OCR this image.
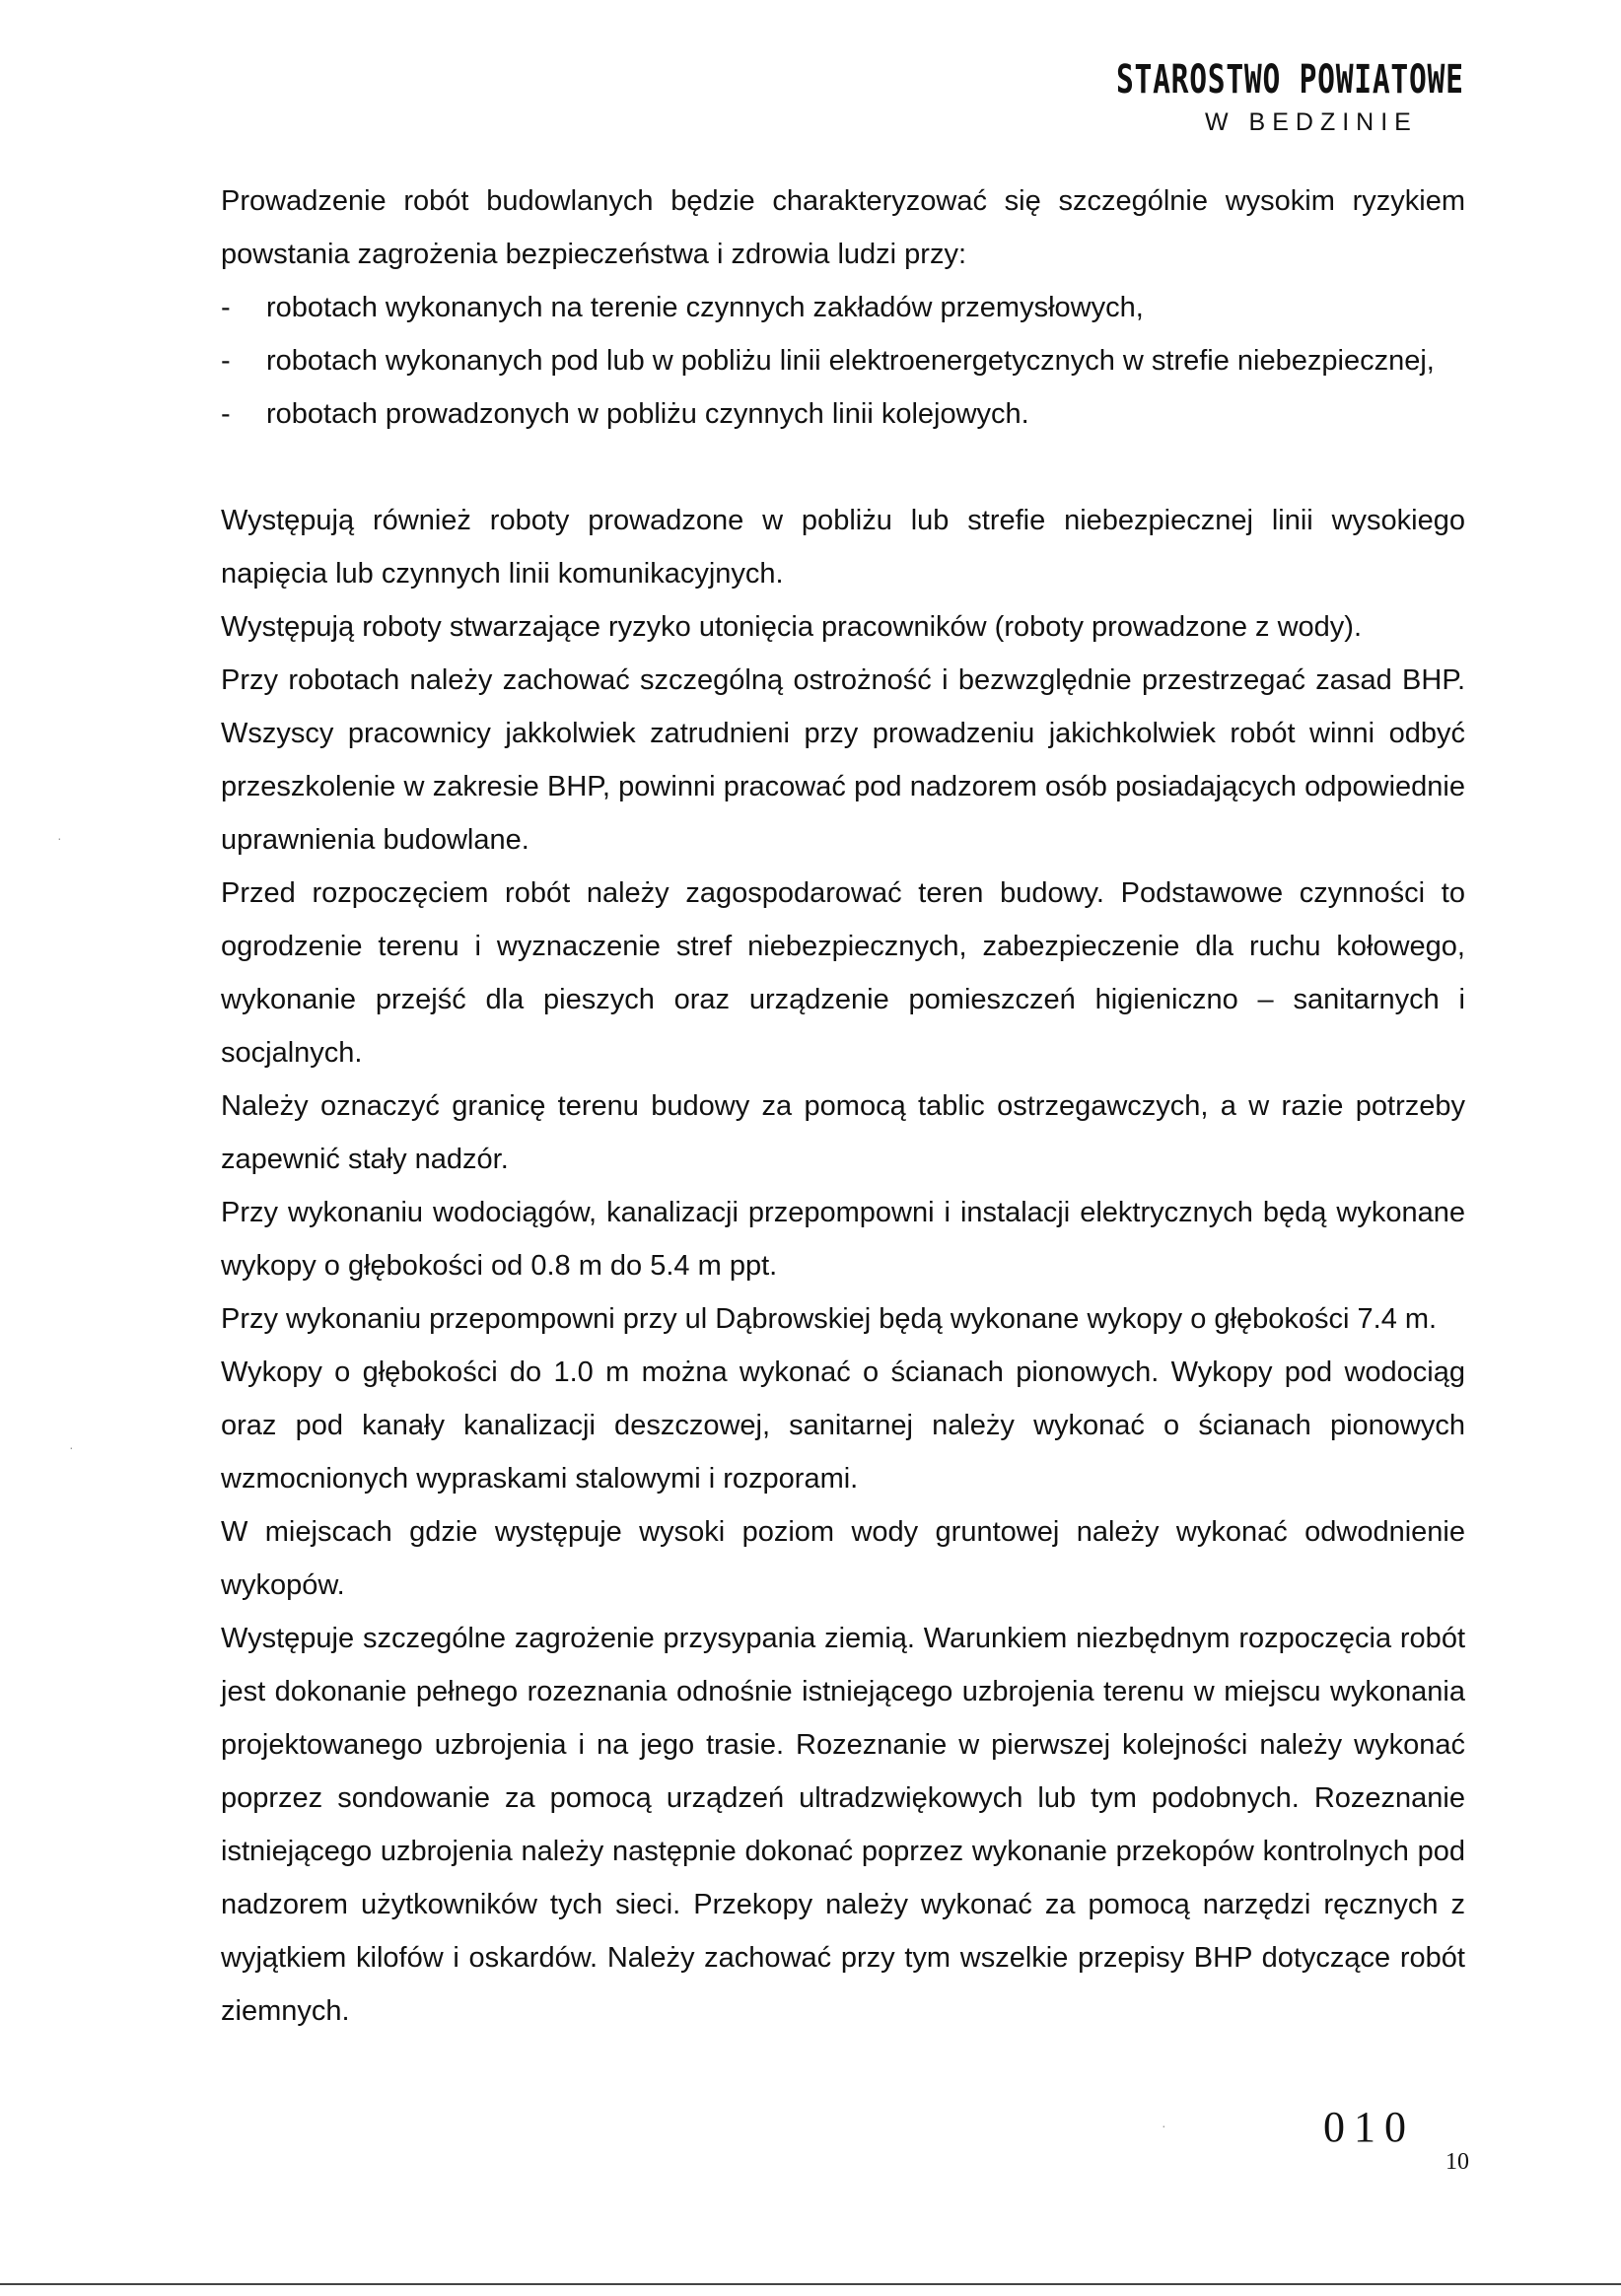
STAROSTWO POWIATOWE
W BEDZINIE

Prowadzenie robót budowlanych będzie charakteryzować się szczególnie wysokim ryzykiem powstania zagrożenia bezpieczeństwa i zdrowia ludzi przy:

- robotach wykonanych na terenie czynnych zakładów przemysłowych,
- robotach wykonanych pod lub w pobliżu linii elektroenergetycznych w strefie niebezpiecznej,
- robotach prowadzonych w pobliżu czynnych linii kolejowych.

Występują również roboty prowadzone w pobliżu lub strefie niebezpiecznej linii wysokiego napięcia lub czynnych linii komunikacyjnych.

Występują roboty stwarzające ryzyko utonięcia pracowników (roboty prowadzone z wody).

Przy robotach należy zachować szczególną ostrożność i bezwzględnie przestrzegać zasad BHP. Wszyscy pracownicy jakkolwiek zatrudnieni przy prowadzeniu jakichkolwiek robót winni odbyć przeszkolenie w zakresie BHP, powinni pracować pod nadzorem osób posiadających odpowiednie uprawnienia budowlane.

Przed rozpoczęciem robót należy zagospodarować teren budowy. Podstawowe czynności to ogrodzenie terenu i wyznaczenie stref niebezpiecznych, zabezpieczenie dla ruchu kołowego, wykonanie przejść dla pieszych oraz urządzenie pomieszczeń higieniczno – sanitarnych i socjalnych.

Należy oznaczyć granicę terenu budowy za pomocą tablic ostrzegawczych, a w razie potrzeby zapewnić stały nadzór.

Przy wykonaniu wodociągów, kanalizacji przepompowni i instalacji elektrycznych będą wykonane wykopy o głębokości od 0.8 m do 5.4 m ppt.

Przy wykonaniu przepompowni przy ul Dąbrowskiej będą wykonane wykopy o głębokości 7.4 m.

Wykopy o głębokości do 1.0 m można wykonać o ścianach pionowych. Wykopy pod wodociąg oraz pod kanały kanalizacji deszczowej, sanitarnej należy wykonać o ścianach pionowych wzmocnionych wypraskami stalowymi i rozporami.

W miejscach gdzie występuje wysoki poziom wody gruntowej należy wykonać odwodnienie wykopów.

Występuje szczególne zagrożenie przysypania ziemią. Warunkiem niezbędnym rozpoczęcia robót jest dokonanie pełnego rozeznania odnośnie istniejącego uzbrojenia terenu w miejscu wykonania projektowanego uzbrojenia i na jego trasie. Rozeznanie w pierwszej kolejności należy wykonać poprzez sondowanie za pomocą urządzeń ultradzwiękowych lub tym podobnych. Rozeznanie istniejącego uzbrojenia należy następnie dokonać poprzez wykonanie przekopów kontrolnych pod nadzorem użytkowników tych sieci. Przekopy należy wykonać za pomocą narzędzi ręcznych z wyjątkiem kilofów i oskardów. Należy zachować przy tym wszelkie przepisy BHP dotyczące robót ziemnych.

·
·
·	010
10
